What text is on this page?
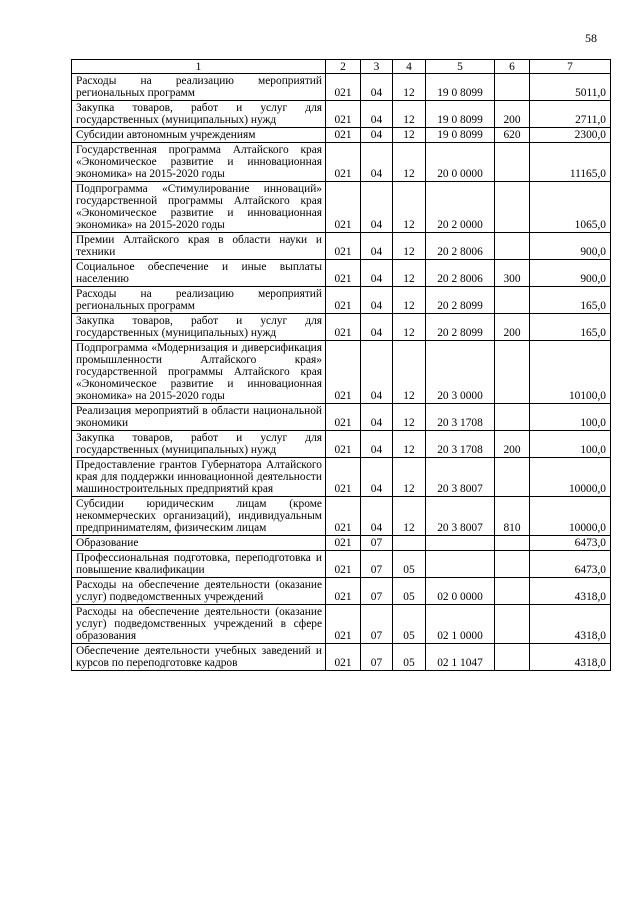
58
1	2	3	4	5	6	7
Расходы на реализацию мероприятий региональных программ	021	04	12	19 0 8099		5011,0
Закупка товаров, работ и услуг для государственных (муниципальных) нужд	021	04	12	19 0 8099	200	2711,0
Субсидии автономным учреждениям	021	04	12	19 0 8099	620	2300,0
Государственная программа Алтайского края «Экономическое развитие и инновационная экономика» на 2015-2020 годы	021	04	12	20 0 0000		11165,0
Подпрограмма «Стимулирование инноваций» государственной программы Алтайского края «Экономическое развитие и инновационная экономика» на 2015-2020 годы	021	04	12	20 2 0000		1065,0
Премии Алтайского края в области науки и техники	021	04	12	20 2 8006		900,0
Социальное обеспечение и иные выплаты населению	021	04	12	20 2 8006	300	900,0
Расходы на реализацию мероприятий региональных программ	021	04	12	20 2 8099		165,0
Закупка товаров, работ и услуг для государственных (муниципальных) нужд	021	04	12	20 2 8099	200	165,0
Подпрограмма «Модернизация и диверсификация промышленности Алтайского края» государственной программы Алтайского края «Экономическое развитие и инновационная экономика» на 2015-2020 годы	021	04	12	20 3 0000		10100,0
Реализация мероприятий в области национальной экономики	021	04	12	20 3 1708		100,0
Закупка товаров, работ и услуг для государственных (муниципальных) нужд	021	04	12	20 3 1708	200	100,0
Предоставление грантов Губернатора Алтайского края для поддержки инновационной деятельности машиностроительных предприятий края	021	04	12	20 3 8007		10000,0
Субсидии юридическим лицам (кроме некоммерческих организаций), индивидуальным предпринимателям, физическим лицам	021	04	12	20 3 8007	810	10000,0
Образование	021	07				6473,0
Профессиональная подготовка, переподготовка и повышение квалификации	021	07	05			6473,0
Расходы на обеспечение деятельности (оказание услуг) подведомственных учреждений	021	07	05	02 0 0000		4318,0
Расходы на обеспечение деятельности (оказание услуг) подведомственных учреждений в сфере образования	021	07	05	02 1 0000		4318,0
Обеспечение деятельности учебных заведений и курсов по переподготовке кадров	021	07	05	02 1 1047		4318,0
